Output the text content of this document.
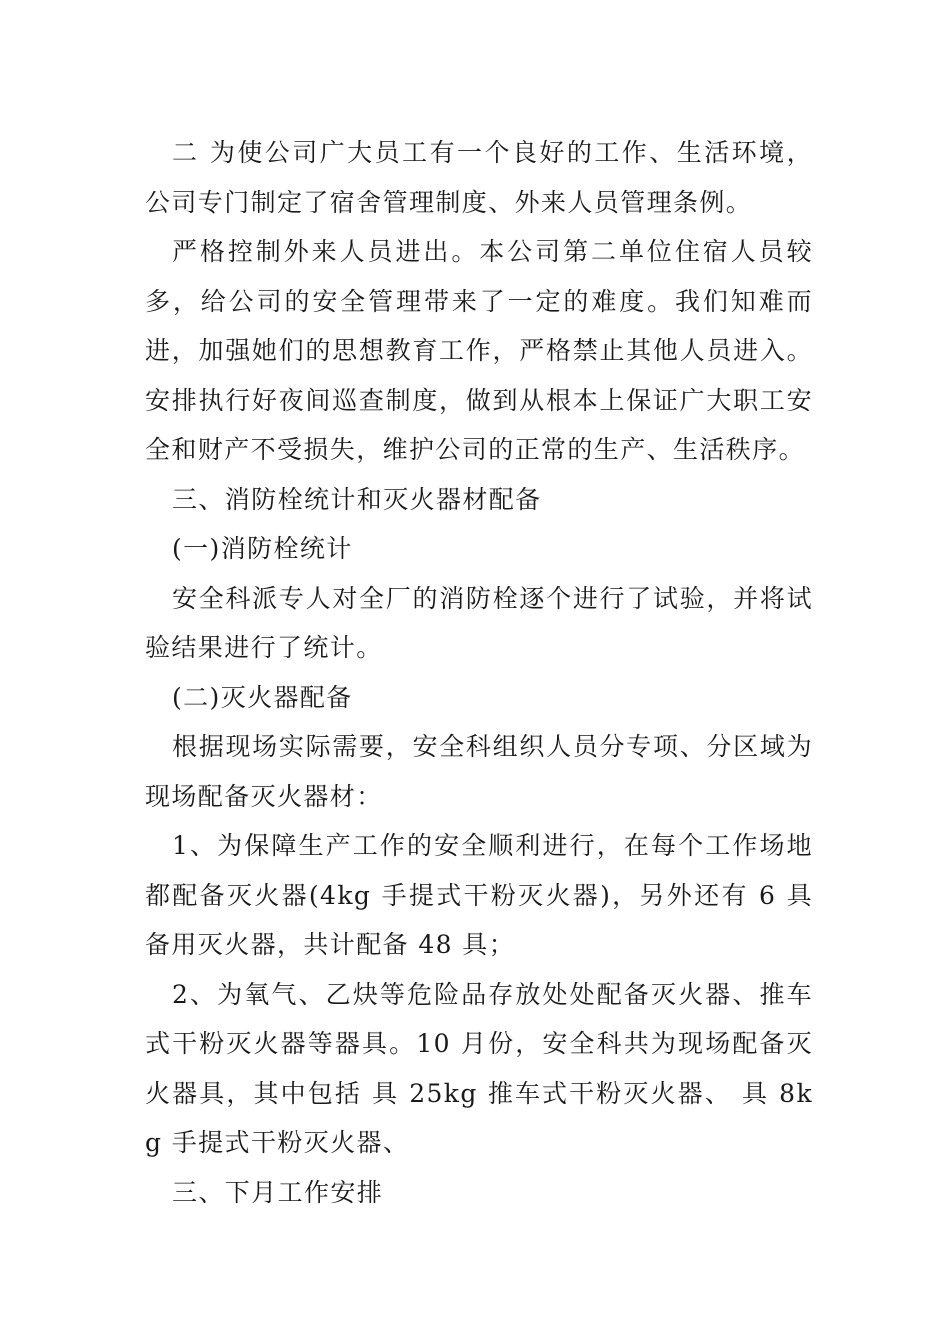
二 为使公司广大员工有一个良好的工作、生活环境，公司专门制定了宿舍管理制度、外来人员管理条例。

严格控制外来人员进出。本公司第二单位住宿人员较多，给公司的安全管理带来了一定的难度。我们知难而进，加强她们的思想教育工作，严格禁止其他人员进入。安排执行好夜间巡查制度，做到从根本上保证广大职工安全和财产不受损失，维护公司的正常的生产、生活秩序。

三、消防栓统计和灭火器材配备

(一)消防栓统计

安全科派专人对全厂的消防栓逐个进行了试验，并将试验结果进行了统计。

(二)灭火器配备

根据现场实际需要，安全科组织人员分专项、分区域为现场配备灭火器材：

1、为保障生产工作的安全顺利进行，在每个工作场地都配备灭火器(4kg 手提式干粉灭火器)，另外还有 6 具备用灭火器，共计配备 48 具；

2、为氧气、乙炔等危险品存放处处配备灭火器、推车式干粉灭火器等器具。10 月份，安全科共为现场配备灭火器具，其中包括 具 25kg 推车式干粉灭火器、 具 8kg 手提式干粉灭火器、

三、下月工作安排
